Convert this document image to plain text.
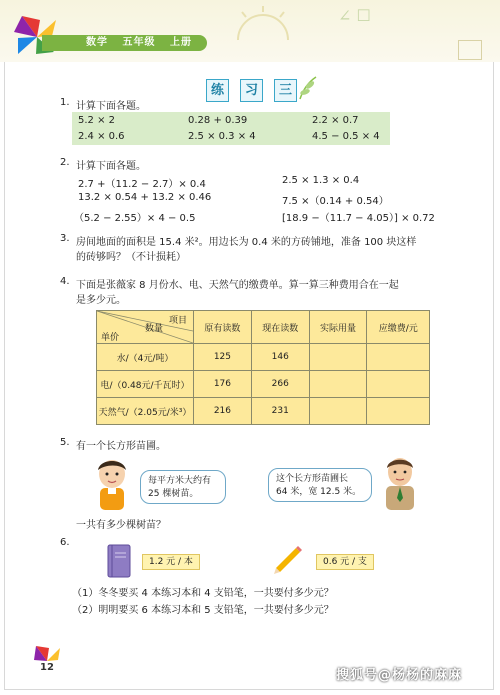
数学 五年级 上册
∠ ☐
练	习	三
1. 计算下面各题。
5.2 × 2	0.28 + 0.39	2.2 × 0.7
2.4 × 0.6	2.5 × 0.3 × 4	4.5 − 0.5 × 4
2. 计算下面各题。
2.7 +（11.2 − 2.7）× 0.4	2.5 × 1.3 × 0.4
13.2 × 0.54 + 13.2 × 0.46	7.5 ×（0.14 + 0.54）
（5.2 − 2.55）× 4 − 0.5	[18.9 −（11.7 − 4.05）] × 0.72
3. 房间地面的面积是 15.4 米²。用边长为 0.4 米的方砖铺地，准备 100 块这样
的砖够吗？（不计损耗）
4. 下面是张薇家 8 月份水、电、天然气的缴费单。算一算三种费用合在一起
是多少元。
项目
数量
单价	原有读数	现在读数	实际用量	应缴费/元
水/（4元/吨）	125	146		
电/（0.48元/千瓦时）	176	266		
天然气/（2.05元/米³）	216	231		
5. 有一个长方形苗圃。
每平方米大约有
25 棵树苗。
这个长方形苗圃长
64 米，宽 12.5 米。
一共有多少棵树苗？
6.
1.2 元 / 本	0.6 元 / 支
（1）冬冬要买 4 本练习本和 4 支铅笔，一共要付多少元？
（2）明明要买 6 本练习本和 5 支铅笔，一共要付多少元？
12
搜狐号@杨杨的麻麻
